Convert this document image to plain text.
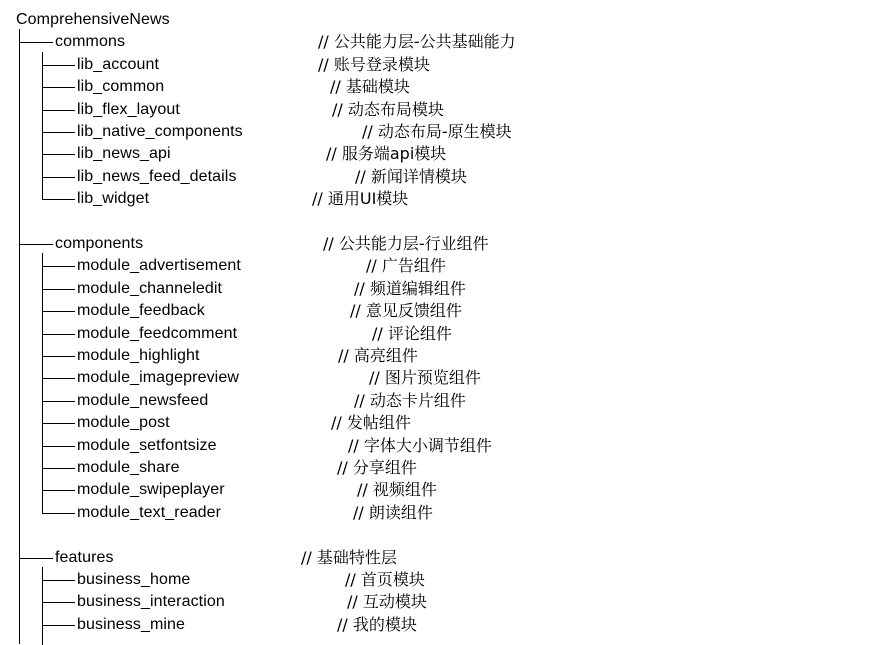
ComprehensiveNews
commons	// 公共能力层-公共基础能力
lib_account	// 账号登录模块
lib_common	// 基础模块
lib_flex_layout	// 动态布局模块
lib_native_components	// 动态布局-原生模块
lib_news_api	// 服务端api模块
lib_news_feed_details	// 新闻详情模块
lib_widget	// 通用UI模块
components	// 公共能力层-行业组件
module_advertisement	// 广告组件
module_channeledit	// 频道编辑组件
module_feedback	// 意见反馈组件
module_feedcomment	// 评论组件
module_highlight	// 高亮组件
module_imagepreview	// 图片预览组件
module_newsfeed	// 动态卡片组件
module_post	// 发帖组件
module_setfontsize	// 字体大小调节组件
module_share	// 分享组件
module_swipeplayer	// 视频组件
module_text_reader	// 朗读组件
features	// 基础特性层
business_home	// 首页模块
business_interaction	// 互动模块
business_mine	// 我的模块
